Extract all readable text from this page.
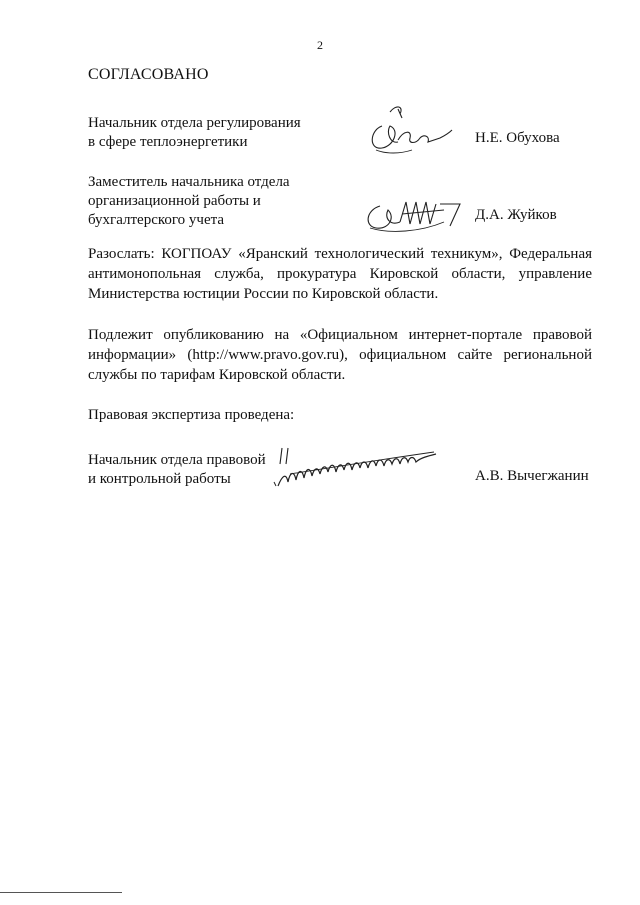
2
СОГЛАСОВАНО
Начальник отдела регулирования
в сфере теплоэнергетики	Н.Е. Обухова
Заместитель начальника отдела
организационной работы и
бухгалтерского учета	Д.А. Жуйков
Разослать: КОГПОАУ «Яранский технологический техникум», Федеральная антимонопольная служба, прокуратура Кировской области, управление Министерства юстиции России по Кировской области.
Подлежит опубликованию на «Официальном интернет-портале правовой информации» (http://www.pravo.gov.ru), официальном сайте региональной службы по тарифам Кировской области.
Правовая экспертиза проведена:
Начальник отдела правовой
и контрольной работы	А.В. Вычегжанин
